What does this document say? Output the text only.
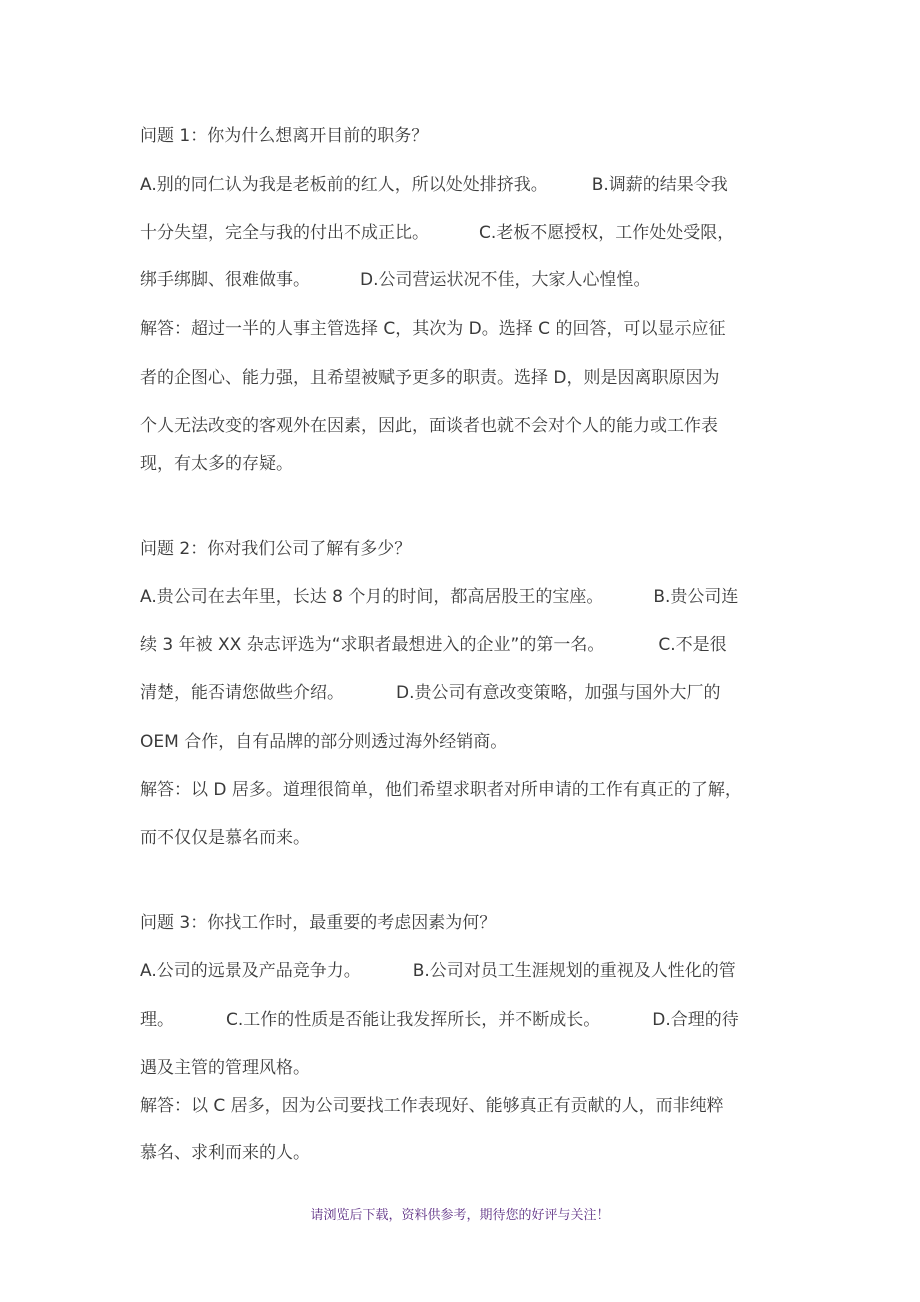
问题 1：你为什么想离开目前的职务？
A.别的同仁认为我是老板前的红人，所以处处排挤我。	B.调薪的结果令我
十分失望，完全与我的付出不成正比。	C.老板不愿授权，工作处处受限，
绑手绑脚、很难做事。	D.公司营运状况不佳，大家人心惶惶。
解答：超过一半的人事主管选择 C，其次为 D。选择 C 的回答，可以显示应征
者的企图心、能力强，且希望被赋予更多的职责。选择 D，则是因离职原因为
个人无法改变的客观外在因素，因此，面谈者也就不会对个人的能力或工作表
现，有太多的存疑。
问题 2：你对我们公司了解有多少？
A.贵公司在去年里，长达 8 个月的时间，都高居股王的宝座。	B.贵公司连
续 3 年被 XX 杂志评选为“求职者最想进入的企业”的第一名。	C.不是很
清楚，能否请您做些介绍。	D.贵公司有意改变策略，加强与国外大厂的
OEM 合作，自有品牌的部分则透过海外经销商。
解答：以 D 居多。道理很简单，他们希望求职者对所申请的工作有真正的了解，
而不仅仅是慕名而来。
问题 3：你找工作时，最重要的考虑因素为何？
A.公司的远景及产品竞争力。	B.公司对员工生涯规划的重视及人性化的管
理。	C.工作的性质是否能让我发挥所长，并不断成长。	D.合理的待
遇及主管的管理风格。
解答：以 C 居多，因为公司要找工作表现好、能够真正有贡献的人，而非纯粹
慕名、求利而来的人。
请浏览后下载，资料供参考，期待您的好评与关注！
